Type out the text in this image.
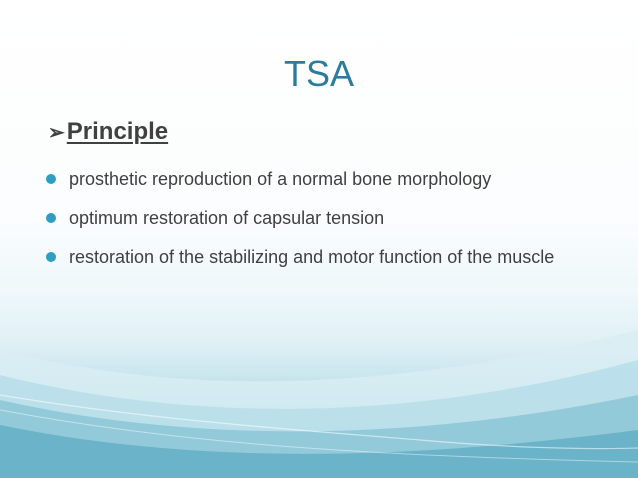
TSA
➢Principle
prosthetic reproduction of a normal bone morphology
optimum restoration of capsular tension
restoration of the stabilizing and motor function of the muscle
